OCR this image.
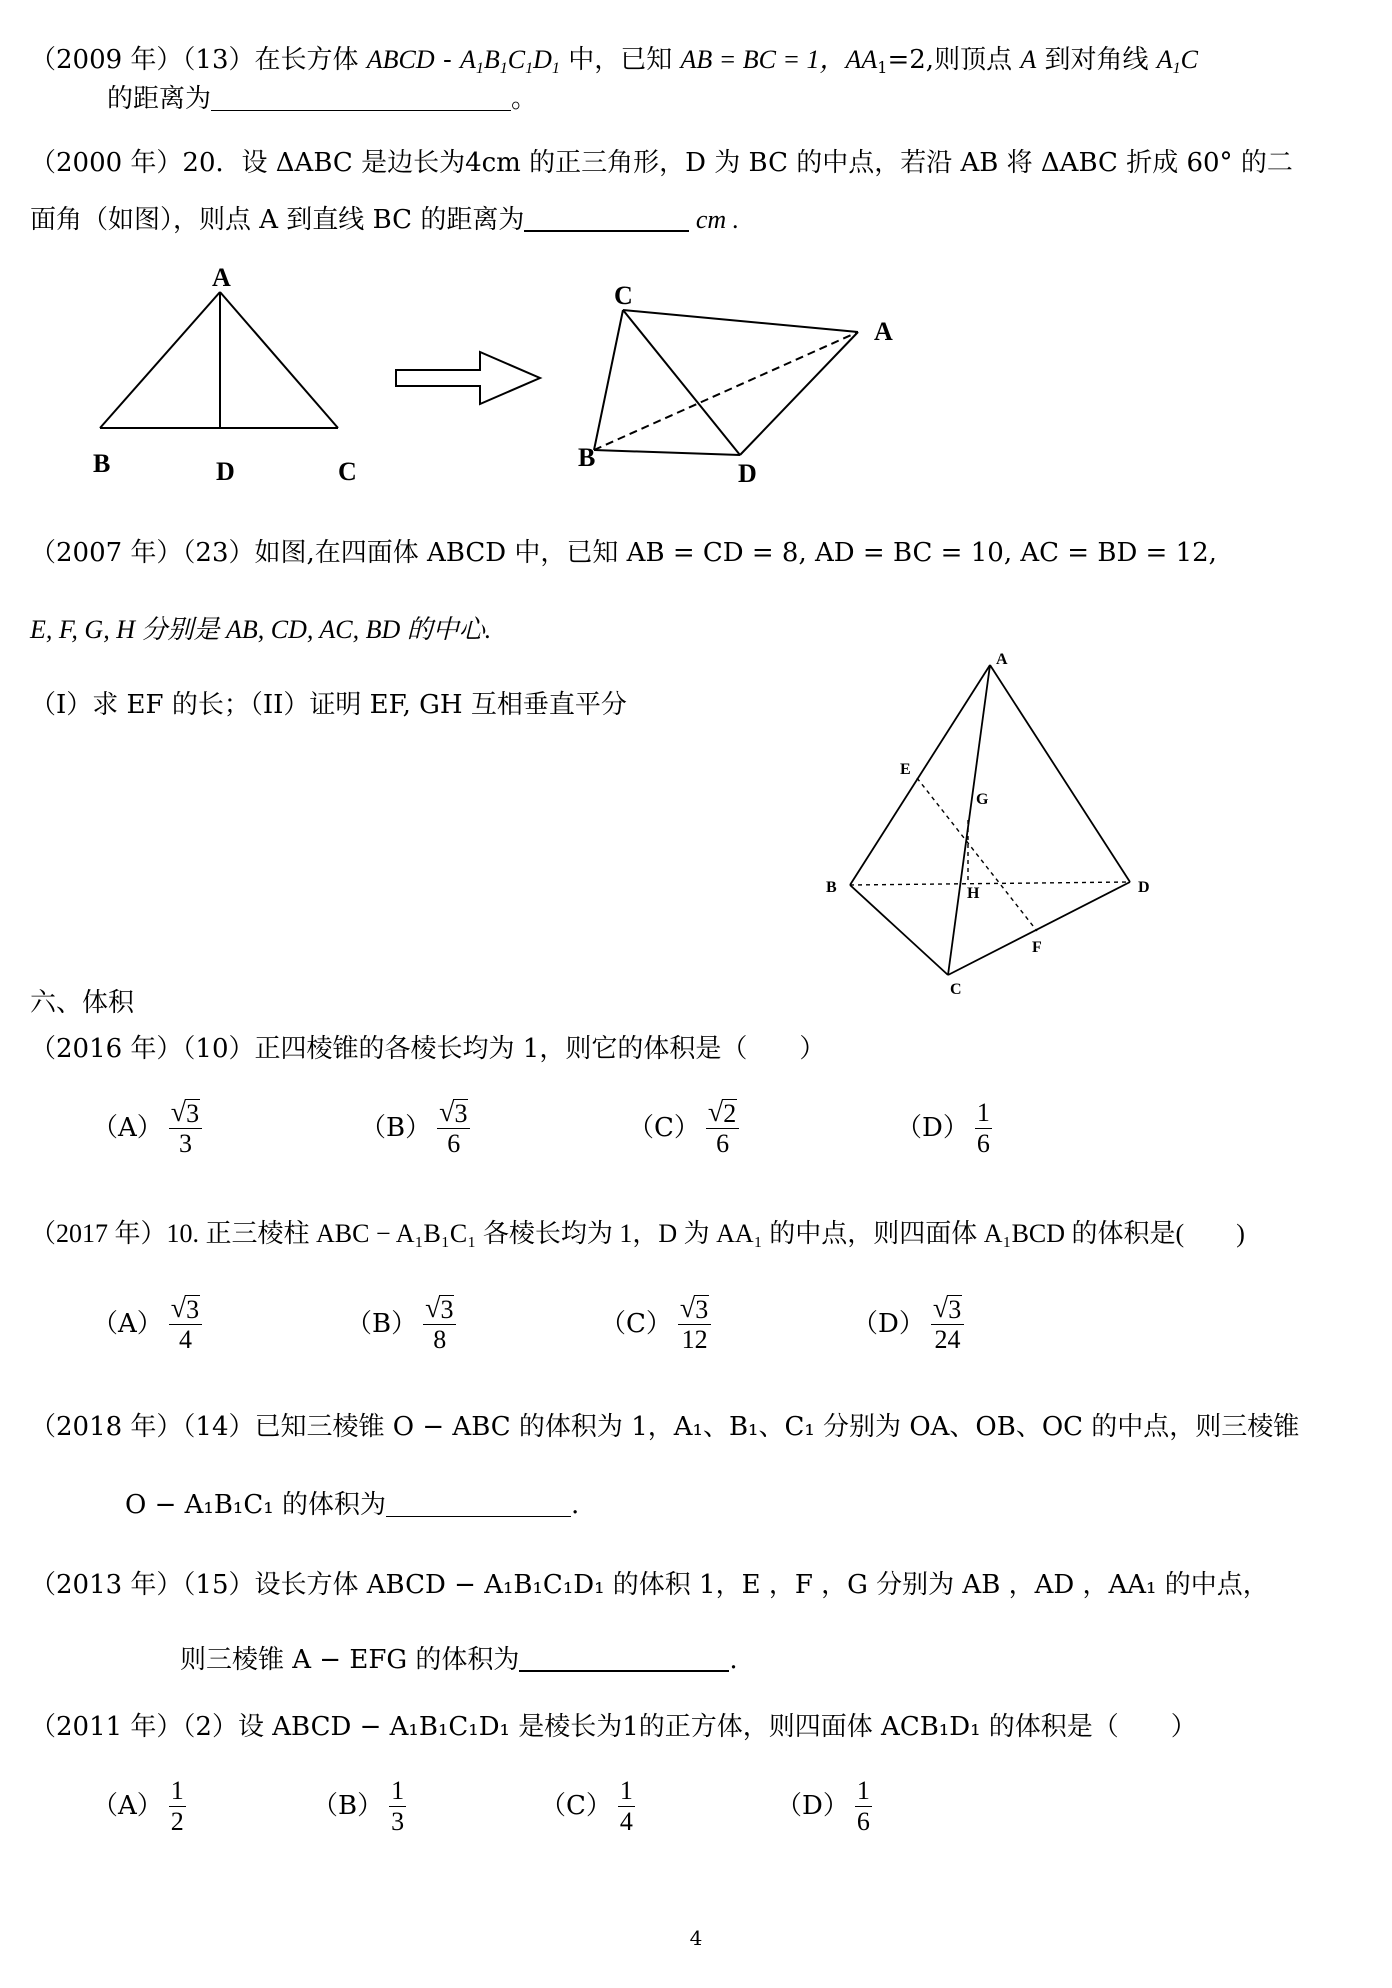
（2009 年）（13）在长方体 ABCD - $A_1B_1C_1D_1$ 中，已知 AB = BC = 1，$AA_1=2$,则顶点 A 到对角线 $A_1C$
的距离为	。
（2000 年）20．设 ΔABC 是边长为4cm 的正三角形，D 为 BC 的中点，若沿 AB 将 ΔABC 折成 60° 的二
面角（如图），则点 A 到直线 BC 的距离为	cm .
A
B	D	C
C
A
B
D
（2007 年）（23）如图,在四面体 ABCD 中，已知 AB = CD = 8, AD = BC = 10, AC = BD = 12,
E, F, G, H 分别是 AB, CD, AC, BD 的中心.
（I）求 EF 的长；（II）证明 EF, GH 互相垂直平分
A
E
G
B	H	D
F
C
六、体积
（2016 年）（10）正四棱锥的各棱长均为 1，则它的体积是（　　）
$(A) \frac{√ 3}{3}$	$(B) \frac{√ 3}{6}$	$(C) \frac{√ 2}{6}$	$(D) \frac{1}{6}$
（2017 年）10. 正三棱柱 ABC − A₁B₁C₁ 各棱长均为 1，D 为 AA₁ 的中点，则四面体 A₁BCD 的体积是(　　)
$(A) \frac{√ 3}{4}$	$(B) \frac{√ 3}{8}$	$(C) \frac{√ 3}{12}$	$(D) \frac{√ 3}{24}$
（2018 年）（14）已知三棱锥 O − ABC 的体积为 1，A₁、B₁、C₁ 分别为 OA、OB、OC 的中点，则三棱锥
O − A₁B₁C₁ 的体积为	.
（2013 年）（15）设长方体 ABCD − A₁B₁C₁D₁ 的体积 1，E ，F ，G 分别为 AB ，AD ，AA₁ 的中点，
则三棱锥 A − EFG 的体积为	.
（2011 年）（2）设 ABCD − A₁B₁C₁D₁ 是棱长为1的正方体，则四面体 ACB₁D₁ 的体积是（　　）
$(A) \frac{1}{2}$	$(B) \frac{1}{3}$	$(C) \frac{1}{4}$	$(D) \frac{1}{6}$
4
